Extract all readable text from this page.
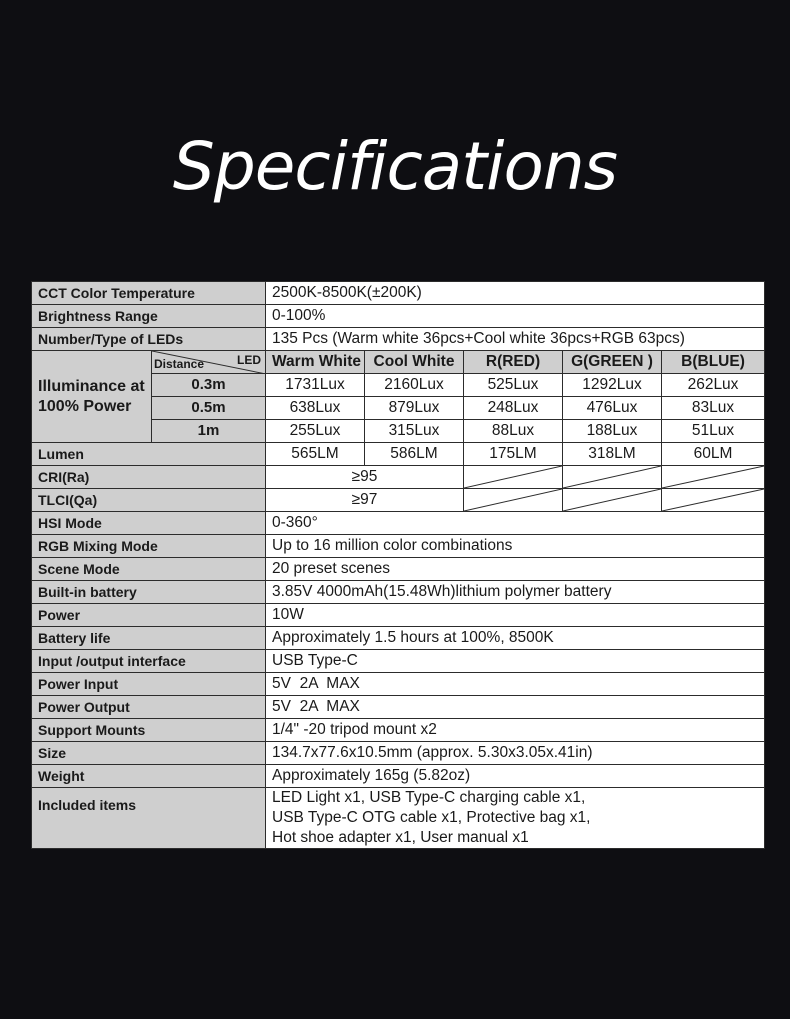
Specifications
CCT Color Temperature		2500K-8500K(±200K)				
Brightness Range		0-100%				
Number/Type of LEDs		135 Pcs (Warm white 36pcs+Cool white 36pcs+RGB 63pcs)				
Illuminance at
100% Power	LED
Distance	Warm White	Cool White	R(RED)	G(GREEN )	B(BLUE)
	0.3m	1731Lux	2160Lux	525Lux	1292Lux	262Lux
	0.5m	638Lux	879Lux	248Lux	476Lux	83Lux
	1m	255Lux	315Lux	88Lux	188Lux	51Lux
Lumen		565LM	586LM	175LM	318LM	60LM
CRI(Ra)		≥95	

TLCI(Qa)		≥97	

HSI Mode		0-360°				
RGB Mixing Mode		Up to 16 million color combinations				
Scene Mode		20 preset scenes				
Built-in battery		3.85V 4000mAh(15.48Wh)lithium polymer battery				
Power		10W				
Battery life		Approximately 1.5 hours at 100%, 8500K				
Input /output interface		USB Type-C				
Power Input		5V  2A  MAX				
Power Output		5V  2A  MAX				
Support Mounts		1/4" -20 tripod mount x2				
Size		134.7x77.6x10.5mm (approx. 5.30x3.05x.41in)				
Weight		Approximately 165g (5.82oz)				
Included items		LED Light x1, USB Type-C charging cable x1,
USB Type-C OTG cable x1, Protective bag x1,
Hot shoe adapter x1, User manual x1				
